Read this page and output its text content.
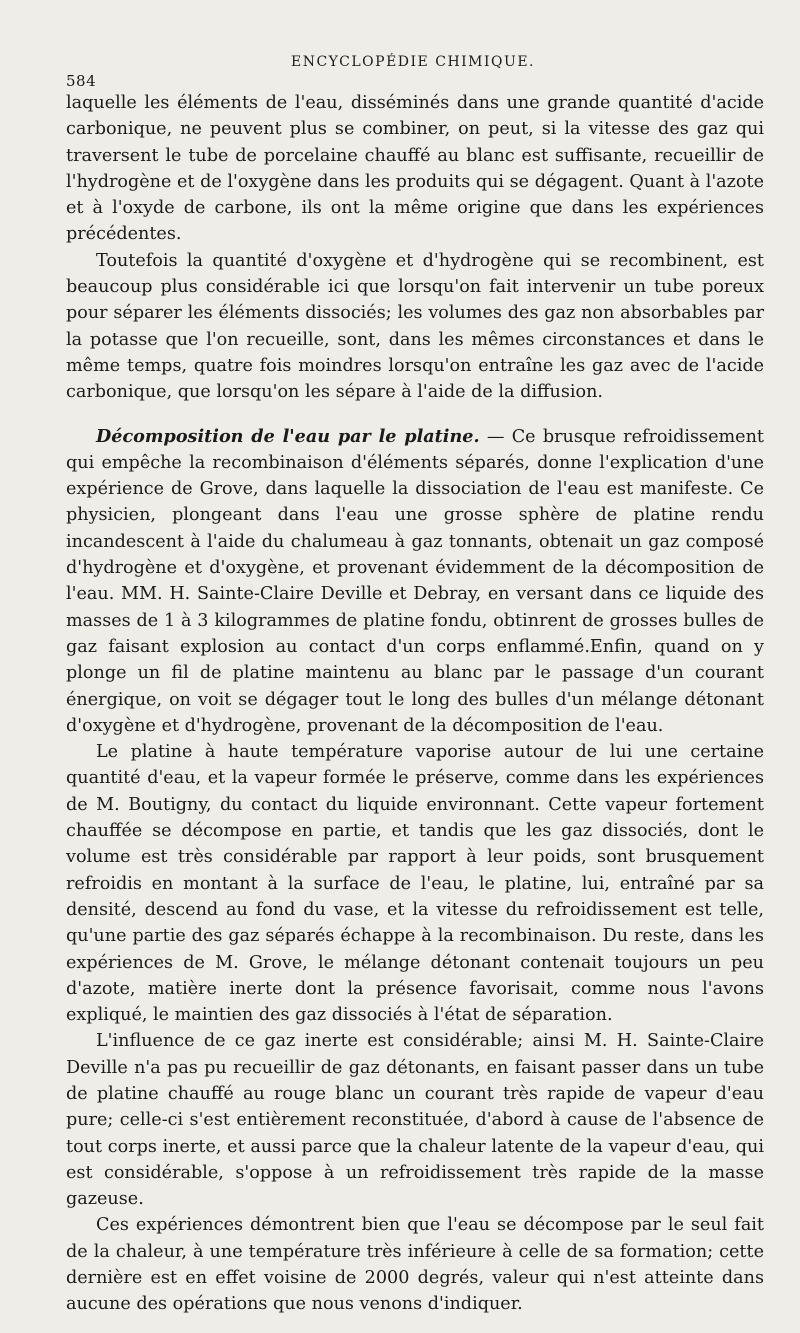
584
ENCYCLOPÉDIE CHIMIQUE.

laquelle les éléments de l'eau, disséminés dans une grande quantité d'acide carbonique, ne peuvent plus se combiner, on peut, si la vitesse des gaz qui traversent le tube de porcelaine chauffé au blanc est suffisante, recueillir de l'hydrogène et de l'oxygène dans les produits qui se dégagent. Quant à l'azote et à l'oxyde de carbone, ils ont la même origine que dans les expériences précédentes.

Toutefois la quantité d'oxygène et d'hydrogène qui se recombinent, est beaucoup plus considérable ici que lorsqu'on fait intervenir un tube poreux pour séparer les éléments dissociés; les volumes des gaz non absorbables par la potasse que l'on recueille, sont, dans les mêmes circonstances et dans le même temps, quatre fois moindres lorsqu'on entraîne les gaz avec de l'acide carbonique, que lorsqu'on les sépare à l'aide de la diffusion.

Décomposition de l'eau par le platine. — Ce brusque refroidissement qui empêche la recombinaison d'éléments séparés, donne l'explication d'une expérience de Grove, dans laquelle la dissociation de l'eau est manifeste. Ce physicien, plongeant dans l'eau une grosse sphère de platine rendu incandescent à l'aide du chalumeau à gaz tonnants, obtenait un gaz composé d'hydrogène et d'oxygène, et provenant évidemment de la décomposition de l'eau. MM. H. Sainte-Claire Deville et Debray, en versant dans ce liquide des masses de 1 à 3 kilogrammes de platine fondu, obtinrent de grosses bulles de gaz faisant explosion au contact d'un corps enflammé.Enfin, quand on y plonge un fil de platine maintenu au blanc par le passage d'un courant énergique, on voit se dégager tout le long des bulles d'un mélange détonant d'oxygène et d'hydrogène, provenant de la décomposition de l'eau.

Le platine à haute température vaporise autour de lui une certaine quantité d'eau, et la vapeur formée le préserve, comme dans les expériences de M. Boutigny, du contact du liquide environnant. Cette vapeur fortement chauffée se décompose en partie, et tandis que les gaz dissociés, dont le volume est très considérable par rapport à leur poids, sont brusquement refroidis en montant à la surface de l'eau, le platine, lui, entraîné par sa densité, descend au fond du vase, et la vitesse du refroidissement est telle, qu'une partie des gaz séparés échappe à la recombinaison. Du reste, dans les expériences de M. Grove, le mélange détonant contenait toujours un peu d'azote, matière inerte dont la présence favorisait, comme nous l'avons expliqué, le maintien des gaz dissociés à l'état de séparation.

L'influence de ce gaz inerte est considérable; ainsi M. H. Sainte-Claire Deville n'a pas pu recueillir de gaz détonants, en faisant passer dans un tube de platine chauffé au rouge blanc un courant très rapide de vapeur d'eau pure; celle-ci s'est entièrement reconstituée, d'abord à cause de l'absence de tout corps inerte, et aussi parce que la chaleur latente de la vapeur d'eau, qui est considérable, s'oppose à un refroidissement très rapide de la masse gazeuse.

Ces expériences démontrent bien que l'eau se décompose par le seul fait de la chaleur, à une température très inférieure à celle de sa formation; cette dernière est en effet voisine de 2000 degrés, valeur qui n'est atteinte dans aucune des opérations que nous venons d'indiquer.
